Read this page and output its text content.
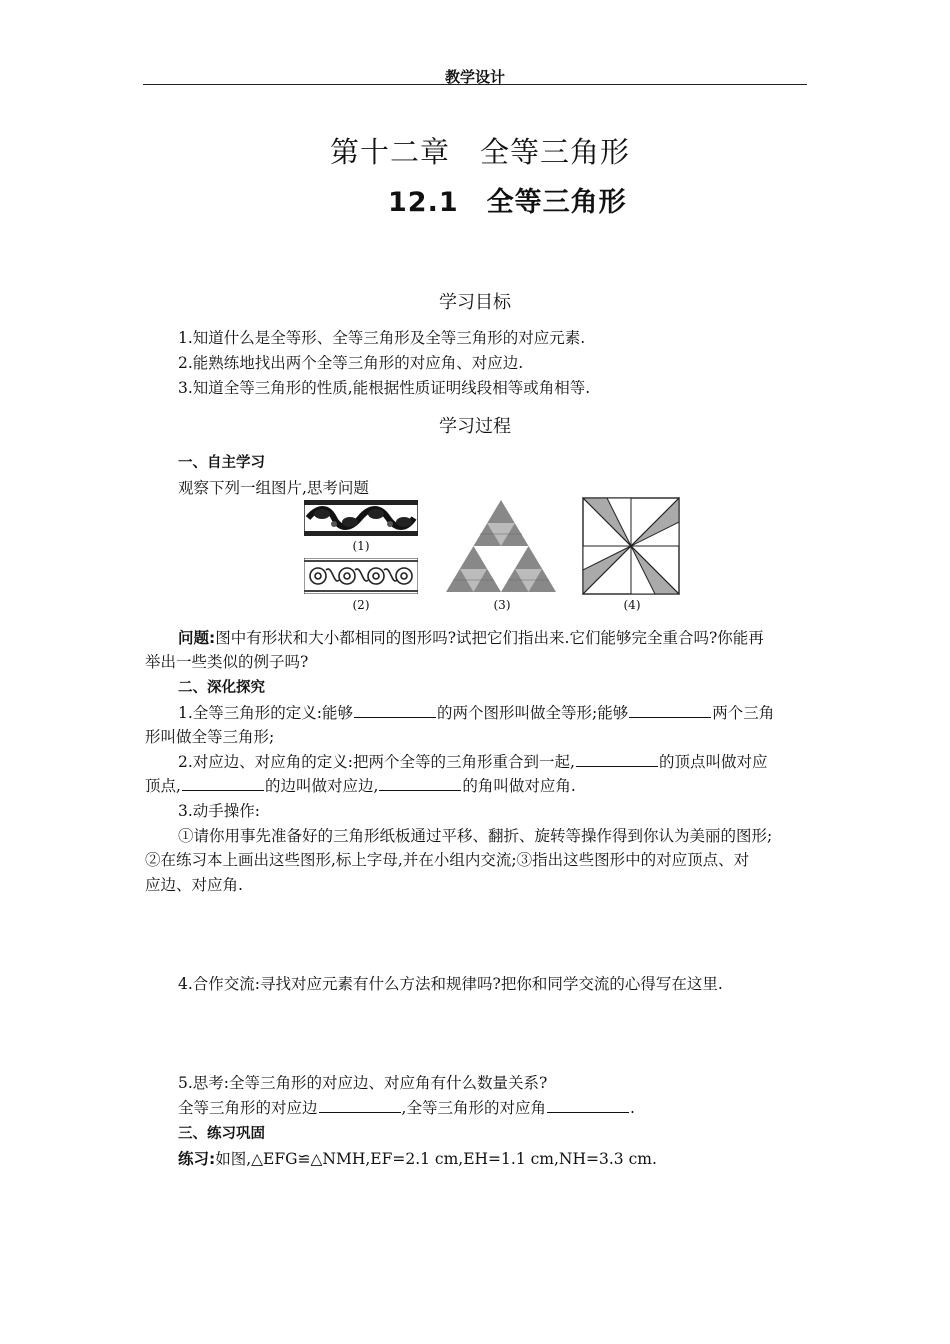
教学设计
第十二章　全等三角形
12.1　全等三角形
学习目标
1.知道什么是全等形、全等三角形及全等三角形的对应元素.
2.能熟练地找出两个全等三角形的对应角、对应边.
3.知道全等三角形的性质,能根据性质证明线段相等或角相等.
学习过程
一、自主学习
观察下列一组图片,思考问题
(1)
(2)	(3)	(4)
问题:图中有形状和大小都相同的图形吗?试把它们指出来.它们能够完全重合吗?你能再
举出一些类似的例子吗?
二、深化探究
1.全等三角形的定义:能够	的两个图形叫做全等形;能够	两个三角
形叫做全等三角形;
2.对应边、对应角的定义:把两个全等的三角形重合到一起,	的顶点叫做对应
顶点,	的边叫做对应边,	的角叫做对应角.
3.动手操作:
①请你用事先准备好的三角形纸板通过平移、翻折、旋转等操作得到你认为美丽的图形;
②在练习本上画出这些图形,标上字母,并在小组内交流;③指出这些图形中的对应顶点、对
应边、对应角.
4.合作交流:寻找对应元素有什么方法和规律吗?把你和同学交流的心得写在这里.
5.思考:全等三角形的对应边、对应角有什么数量关系?
全等三角形的对应边	,全等三角形的对应角	.
三、练习巩固
练习:如图,△EFG≌△NMH,EF=2.1 cm,EH=1.1 cm,NH=3.3 cm.
